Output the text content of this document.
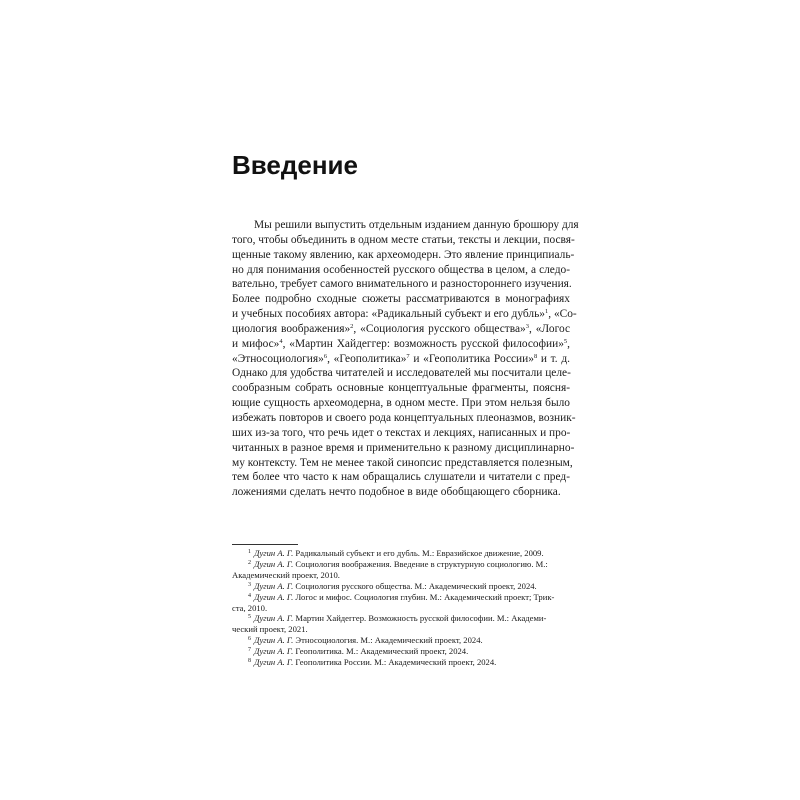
Введение
Мы решили выпустить отдельным изданием данную брошюру для
того, чтобы объединить в одном месте статьи, тексты и лекции, посвя-
щенные такому явлению, как археомодерн. Это явление принципиаль-
но для понимания особенностей русского общества в целом, а следо-
вательно, требует самого внимательного и разностороннего изучения.
Более подробно сходные сюжеты рассматриваются в монографиях
и учебных пособиях автора: «Радикальный субъект и его дубль»$^1$, «Со-
циология воображения»$^2$, «Социология русского общества»$^3$, «Логос
и мифос»$^4$, «Мартин Хайдеггер: возможность русской философии»$^5$,
«Этносоциология»$^6$, «Геополитика»$^7$ и «Геополитика России»$^8$ и т. д.
Однако для удобства читателей и исследователей мы посчитали целе-
сообразным собрать основные концептуальные фрагменты, поясня-
ющие сущность археомодерна, в одном месте. При этом нельзя было
избежать повторов и своего рода концептуальных плеоназмов, возник-
ших из-за того, что речь идет о текстах и лекциях, написанных и про-
читанных в разное время и применительно к разному дисциплинарно-
му контексту. Тем не менее такой синопсис представляется полезным,
тем более что часто к нам обращались слушатели и читатели с пред-
ложениями сделать нечто подобное в виде обобщающего сборника.
$^1$ Дугин А. Г. Радикальный субъект и его дубль. М.: Евразийское движение, 2009.
$^2$ Дугин А. Г. Социология воображения. Введение в структурную социологию. М.:
Академический проект, 2010.
$^3$ Дугин А. Г. Социология русского общества. М.: Академический проект, 2024.
$^4$ Дугин А. Г. Логос и мифос. Социология глубин. М.: Академический проект; Трик-
ста, 2010.
$^5$ Дугин А. Г. Мартин Хайдеггер. Возможность русской философии. М.: Академи-
ческий проект, 2021.
$^6$ Дугин А. Г. Этносоциология. М.: Академический проект, 2024.
$^7$ Дугин А. Г. Геополитика. М.: Академический проект, 2024.
$^8$ Дугин А. Г. Геополитика России. М.: Академический проект, 2024.
